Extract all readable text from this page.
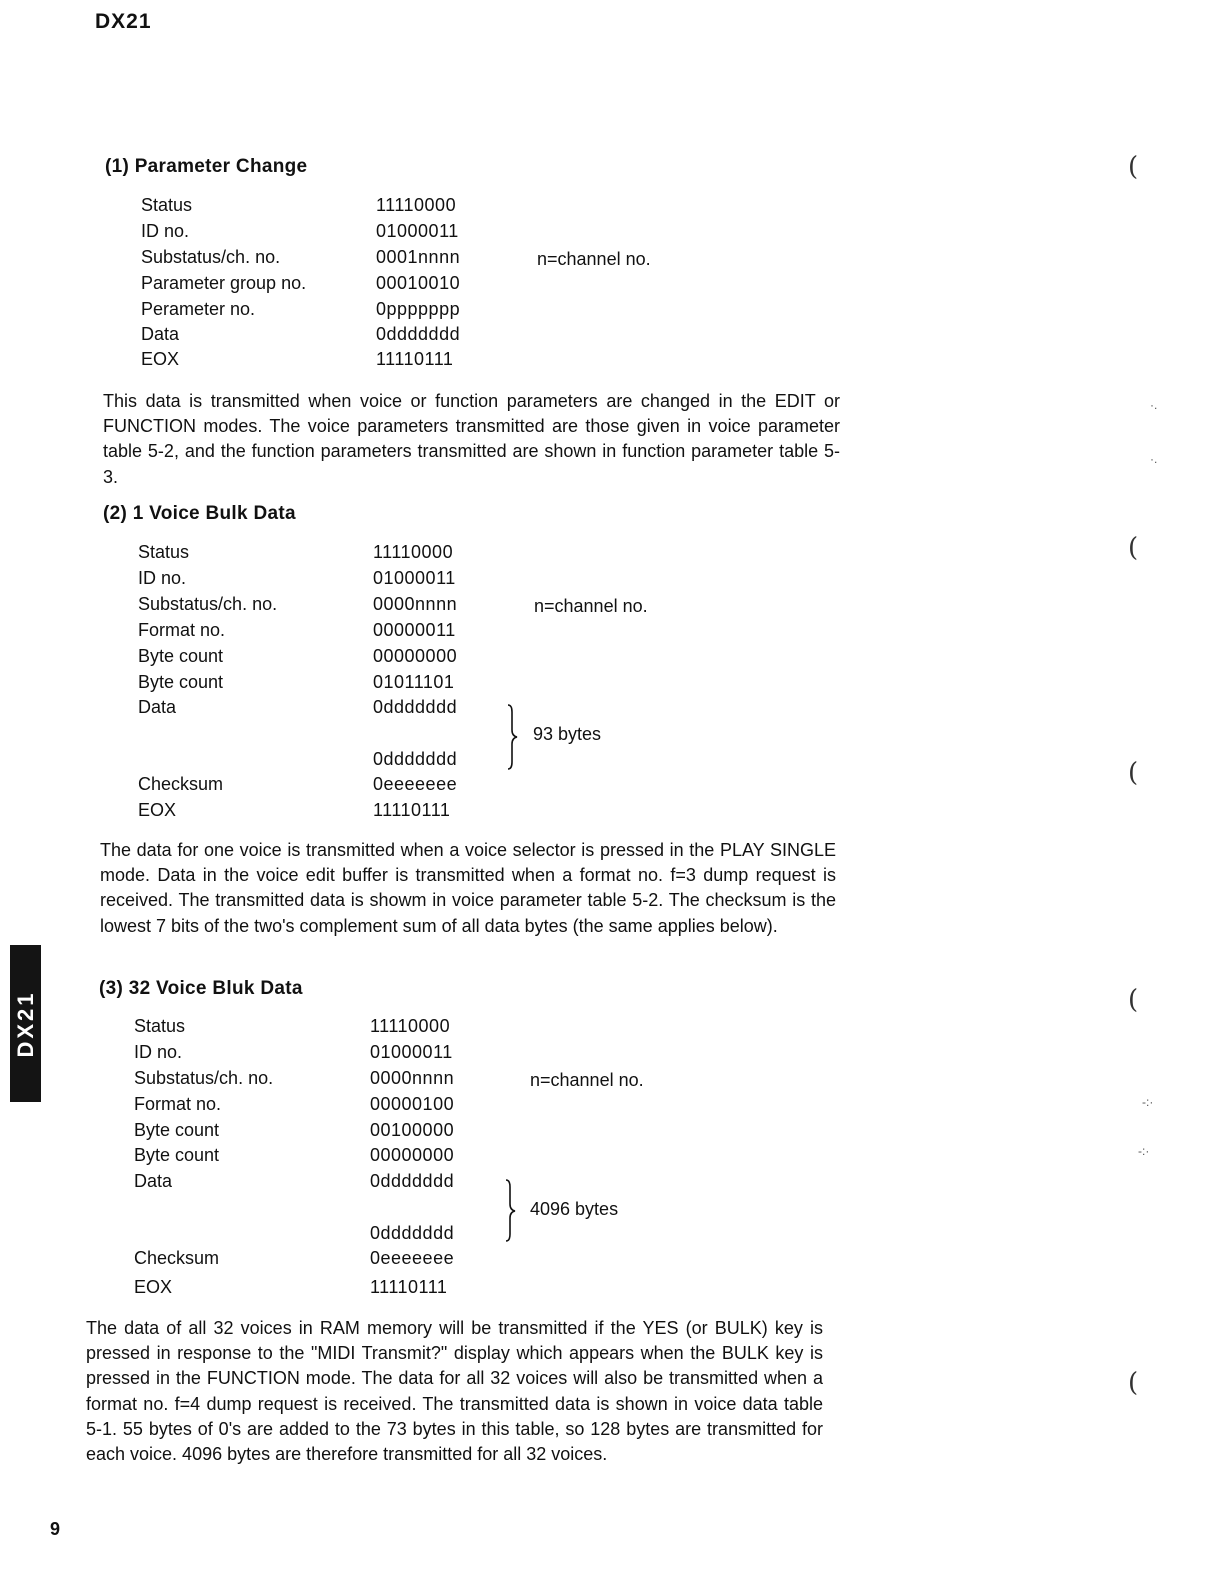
DX21
(1) Parameter Change
Status	11110000
ID no.	01000011
Substatus/ch. no.	0001nnnn	n=channel no.
Parameter group no.	00010010
Perameter no.	0ppppppp
Data	0ddddddd
EOX	11110111
This data is transmitted when voice or function parameters are changed in the EDIT or FUNCTION modes. The voice parameters transmitted are those given in voice parameter table 5-2, and the function parameters transmitted are shown in function parameter table 5-3.
(2) 1 Voice Bulk Data
Status	11110000
ID no.	01000011
Substatus/ch. no.	0000nnnn	n=channel no.
Format no.	00000011
Byte count	00000000
Byte count	01011101
Data	0ddddddd
0ddddddd
Checksum	0eeeeeee
EOX	11110111
93 bytes
The data for one voice is transmitted when a voice selector is pressed in the PLAY SINGLE mode. Data in the voice edit buffer is transmitted when a format no. f=3 dump request is received. The transmitted data is showm in voice parameter table 5-2. The checksum is the lowest 7 bits of the two's complement sum of all data bytes (the same applies below).
(3) 32 Voice Bluk Data
Status	11110000
ID no.	01000011
Substatus/ch. no.	0000nnnn	n=channel no.
Format no.	00000100
Byte count	00100000
Byte count	00000000
Data	0ddddddd
0ddddddd
Checksum	0eeeeeee
EOX	11110111
4096 bytes
The data of all 32 voices in RAM memory will be transmitted if the YES (or BULK) key is pressed in response to the "MIDI Transmit?" display which appears when the BULK key is pressed in the FUNCTION mode. The data for all 32 voices will also be transmitted when a format no. f=4 dump request is received. The transmitted data is shown in voice data table 5-1. 55 bytes of 0's are added to the 73 bytes in this table, so 128 bytes are transmitted for each voice. 4096 bytes are therefore transmitted for all 32 voices.
DX21
9
(
(
(
(
(
·.
·.
-:·
-:·
